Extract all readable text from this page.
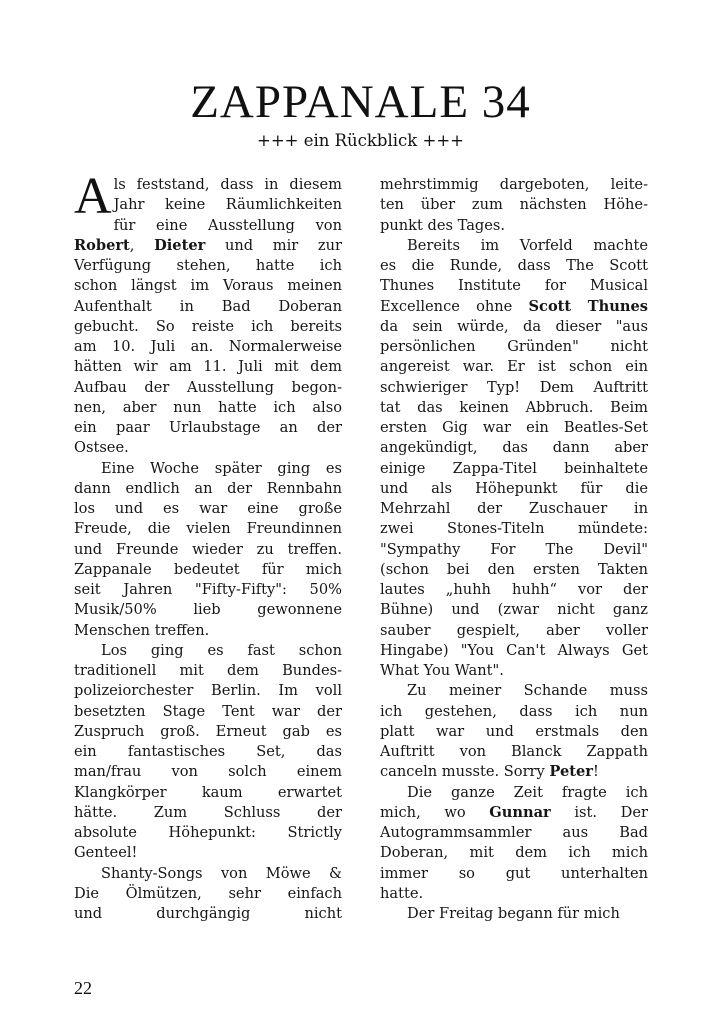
ZAPPANALE 34
+++ ein Rückblick +++
A ls feststand, dass in diesem
Jahr keine Räumlichkeiten
für eine Ausstellung von
Robert, Dieter und mir zur
Verfügung stehen, hatte ich
schon längst im Voraus meinen
Aufenthalt in Bad Doberan
gebucht. So reiste ich bereits
am 10. Juli an. Normalerweise
hätten wir am 11. Juli mit dem
Aufbau der Ausstellung begon-
nen, aber nun hatte ich also
ein paar Urlaubstage an der
Ostsee.
Eine Woche später ging es
dann endlich an der Rennbahn
los und es war eine große
Freude, die vielen Freundinnen
und Freunde wieder zu treffen.
Zappanale bedeutet für mich
seit Jahren "Fifty-Fifty": 50%
Musik/50% lieb gewonnene
Menschen treffen.
Los ging es fast schon
traditionell mit dem Bundes-
polizeiorchester Berlin. Im voll
besetzten Stage Tent war der
Zuspruch groß. Erneut gab es
ein fantastisches Set, das
man/frau von solch einem
Klangkörper kaum erwartet
hätte. Zum Schluss der
absolute Höhepunkt: Strictly
Genteel!
Shanty-Songs von Möwe &
Die Ölmützen, sehr einfach
und durchgängig nicht
mehrstimmig dargeboten, leite-
ten über zum nächsten Höhe-
punkt des Tages.
Bereits im Vorfeld machte
es die Runde, dass The Scott
Thunes Institute for Musical
Excellence ohne Scott Thunes
da sein würde, da dieser "aus
persönlichen Gründen" nicht
angereist war. Er ist schon ein
schwieriger Typ! Dem Auftritt
tat das keinen Abbruch. Beim
ersten Gig war ein Beatles-Set
angekündigt, das dann aber
einige Zappa-Titel beinhaltete
und als Höhepunkt für die
Mehrzahl der Zuschauer in
zwei Stones-Titeln mündete:
"Sympathy For The Devil"
(schon bei den ersten Takten
lautes „huhh huhh“ vor der
Bühne) und (zwar nicht ganz
sauber gespielt, aber voller
Hingabe) "You Can't Always Get
What You Want".
Zu meiner Schande muss
ich gestehen, dass ich nun
platt war und erstmals den
Auftritt von Blanck Zappath
canceln musste. Sorry Peter!
Die ganze Zeit fragte ich
mich, wo Gunnar ist. Der
Autogrammsammler aus Bad
Doberan, mit dem ich mich
immer so gut unterhalten
hatte.
Der Freitag begann für mich
22
